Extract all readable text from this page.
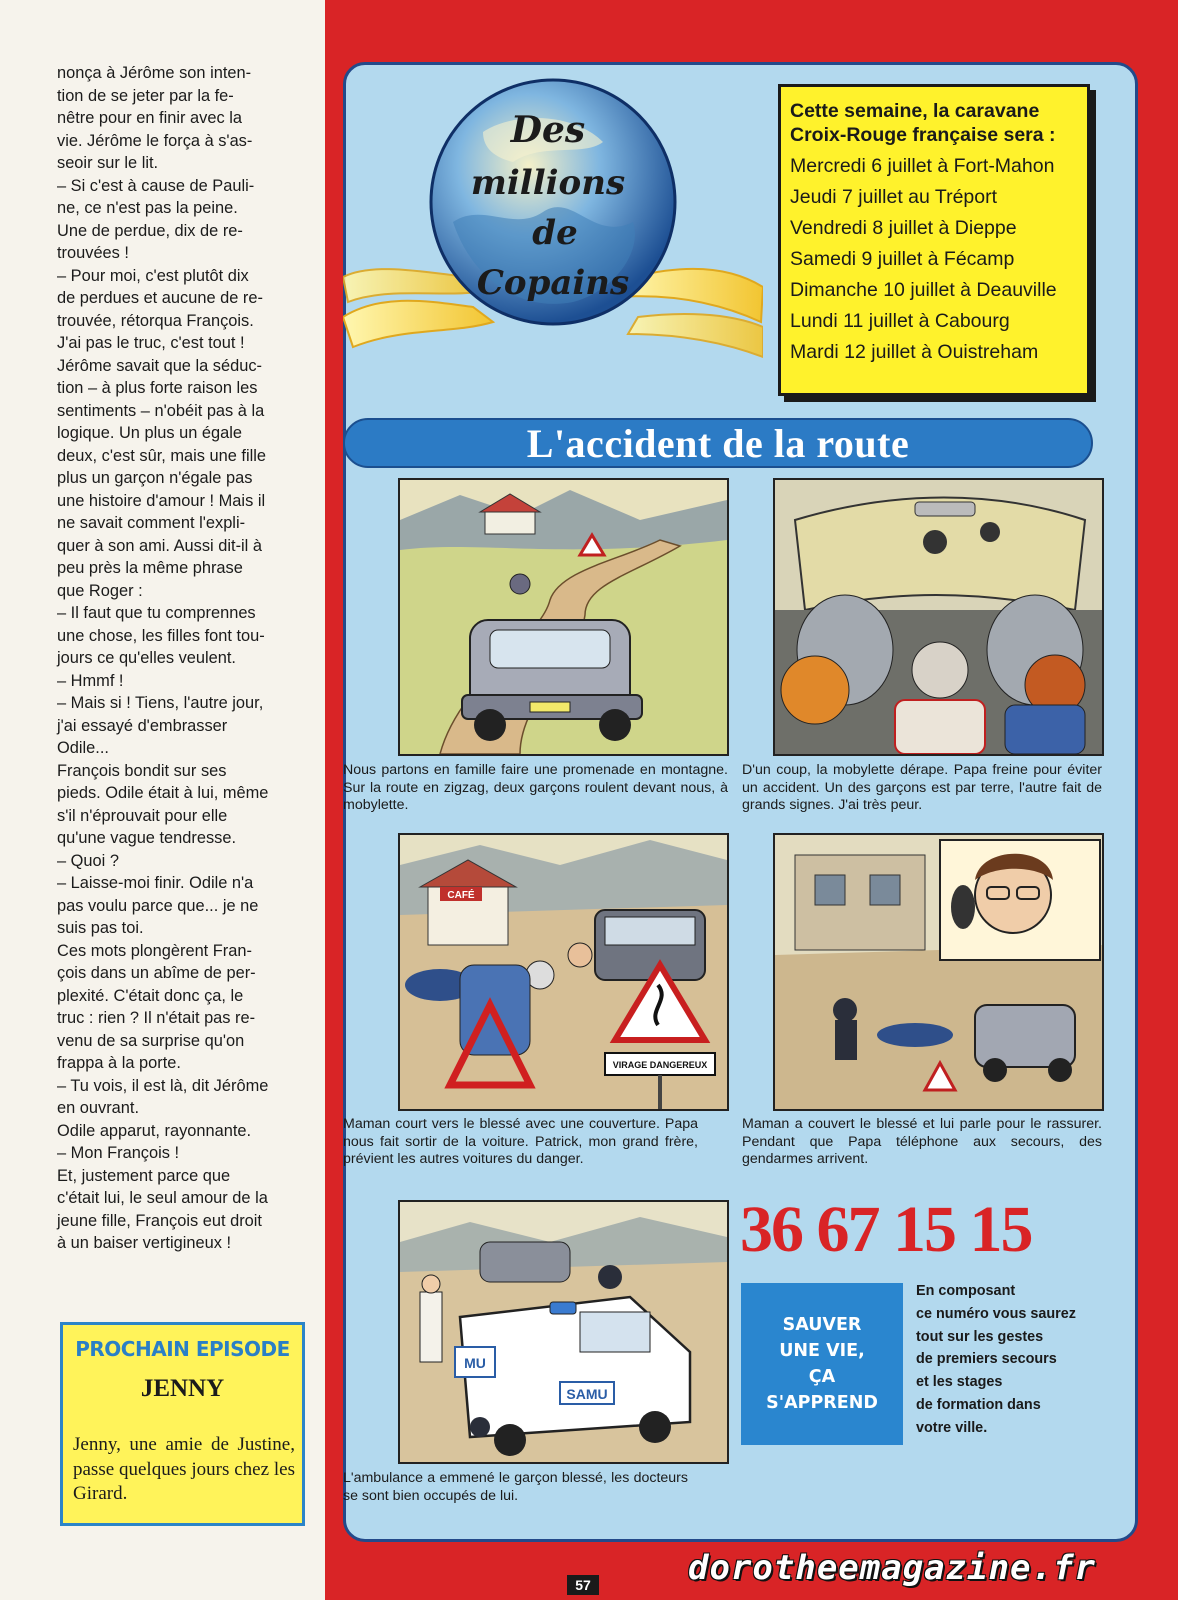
nonça à Jérôme son inten-

tion de se jeter par la fe-

nêtre pour en finir avec la

vie. Jérôme le força à s'as-

seoir sur le lit.

– Si c'est à cause de Pauli-

ne, ce n'est pas la peine.

Une de perdue, dix de re-

trouvées !

– Pour moi, c'est plutôt dix

de perdues et aucune de re-

trouvée, rétorqua François.

J'ai pas le truc, c'est tout !

Jérôme savait que la séduc-

tion – à plus forte raison les

sentiments – n'obéit pas à la

logique. Un plus un égale

deux, c'est sûr, mais une fille

plus un garçon n'égale pas

une histoire d'amour ! Mais il

ne savait comment l'expli-

quer à son ami. Aussi dit-il à

peu près la même phrase

que Roger :

– Il faut que tu comprennes

une chose, les filles font tou-

jours ce qu'elles veulent.

– Hmmf !

– Mais si ! Tiens, l'autre jour,

j'ai essayé d'embrasser

Odile...

François bondit sur ses

pieds. Odile était à lui, même

s'il n'éprouvait pour elle

qu'une vague tendresse.

– Quoi ?

– Laisse-moi finir. Odile n'a

pas voulu parce que... je ne

suis pas toi.

Ces mots plongèrent Fran-

çois dans un abîme de per-

plexité. C'était donc ça, le

truc : rien ? Il n'était pas re-

venu de sa surprise qu'on

frappa à la porte.

– Tu vois, il est là, dit Jérôme

en ouvrant.

Odile apparut, rayonnante.

– Mon François !

Et, justement parce que

c'était lui, le seul amour de la

jeune fille, François eut droit

à un baiser vertigineux !

PROCHAIN EPISODE
JENNY
Jenny, une amie de Justine, passe quelques jours chez les Girard.
Des
millions
de
Copains
Cette semaine, la caravane
Croix-Rouge française sera :
Mercredi 6 juillet à Fort-Mahon
Jeudi 7 juillet au Tréport
Vendredi 8 juillet à Dieppe
Samedi 9 juillet à Fécamp
Dimanche 10 juillet à Deauville
Lundi 11 juillet à Cabourg
Mardi 12 juillet à Ouistreham
L'accident de la route
Nous partons en famille faire une promenade en montagne. Sur la route en zigzag, deux garçons roulent devant nous, à mobylette.
D'un coup, la mobylette dérape. Papa freine pour éviter un accident. Un des garçons est par terre, l'autre fait de grands signes. J'ai très peur.
CAFÉ
VIRAGE DANGEREUX
Maman court vers le blessé avec une couverture. Papa nous fait sortir de la voiture. Patrick, mon grand frère, prévient les autres voitures du danger.
Maman a couvert le blessé et lui parle pour le rassurer. Pendant que Papa téléphone aux secours, des gendarmes arrivent.
MU
SAMU
L'ambulance a emmené le garçon blessé, les docteurs se sont bien occupés de lui.
36 67 15 15
SAUVER
UNE VIE,
ÇA
S'APPREND
En composant
ce numéro vous saurez
tout sur les gestes
de premiers secours
et les stages
de formation dans
votre ville.
57	dorotheemagazine.fr
